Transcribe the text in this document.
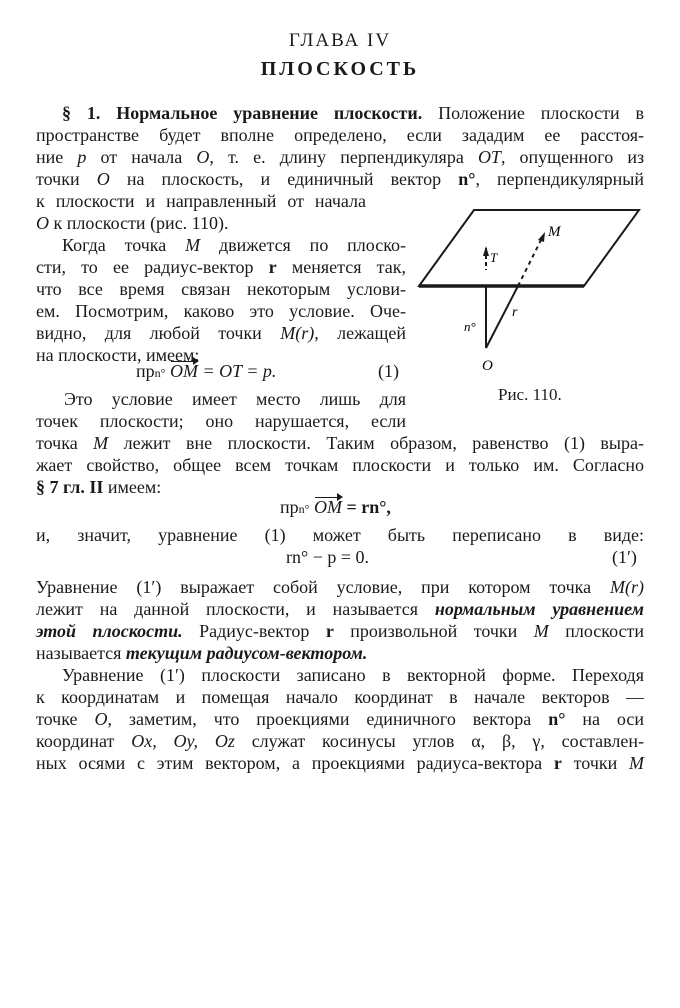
ГЛАВА IV
ПЛОСКОСТЬ
§ 1. Нормальное уравнение плоскости. Положение плоскости в
пространстве будет вполне определено, если зададим ее расстоя-
ние p от начала O, т. е. длину перпендикуляра OT, опущенного из
точки O на плоскость, и единичный вектор n°, перпендикулярный
к плоскости и направленный от начала
O к плоскости (рис. 110).
Когда точка M движется по плоско-
сти, то ее радиус-вектор r меняется так,
что все время связан некоторым услови-
ем. Посмотрим, каково это условие. Оче-
видно, для любой точки M(r), лежащей
на плоскости, имеем:
прn° OM = OT = p.	(1)
Это условие имеет место лишь для
точек плоскости; оно нарушается, если
T
M
n°
r
O
Рис. 110.
точка M лежит вне плоскости. Таким образом, равенство (1) выра-
жает свойство, общее всем точкам плоскости и только им. Согласно
§ 7 гл. II имеем:
прn° OM = rn°,
и, значит, уравнение (1) может быть переписано в виде:
rn° − p = 0.	(1′)
Уравнение (1′) выражает собой условие, при котором точка M(r)
лежит на данной плоскости, и называется нормальным уравнением
этой плоскости. Радиус-вектор r произвольной точки M плоскости
называется текущим радиусом-вектором.
Уравнение (1′) плоскости записано в векторной форме. Переходя
к координатам и помещая начало координат в начале векторов —
точке O, заметим, что проекциями единичного вектора n° на оси
координат Ox, Oy, Oz служат косинусы углов α, β, γ, составлен-
ных осями с этим вектором, а проекциями радиуса-вектора r точки M
